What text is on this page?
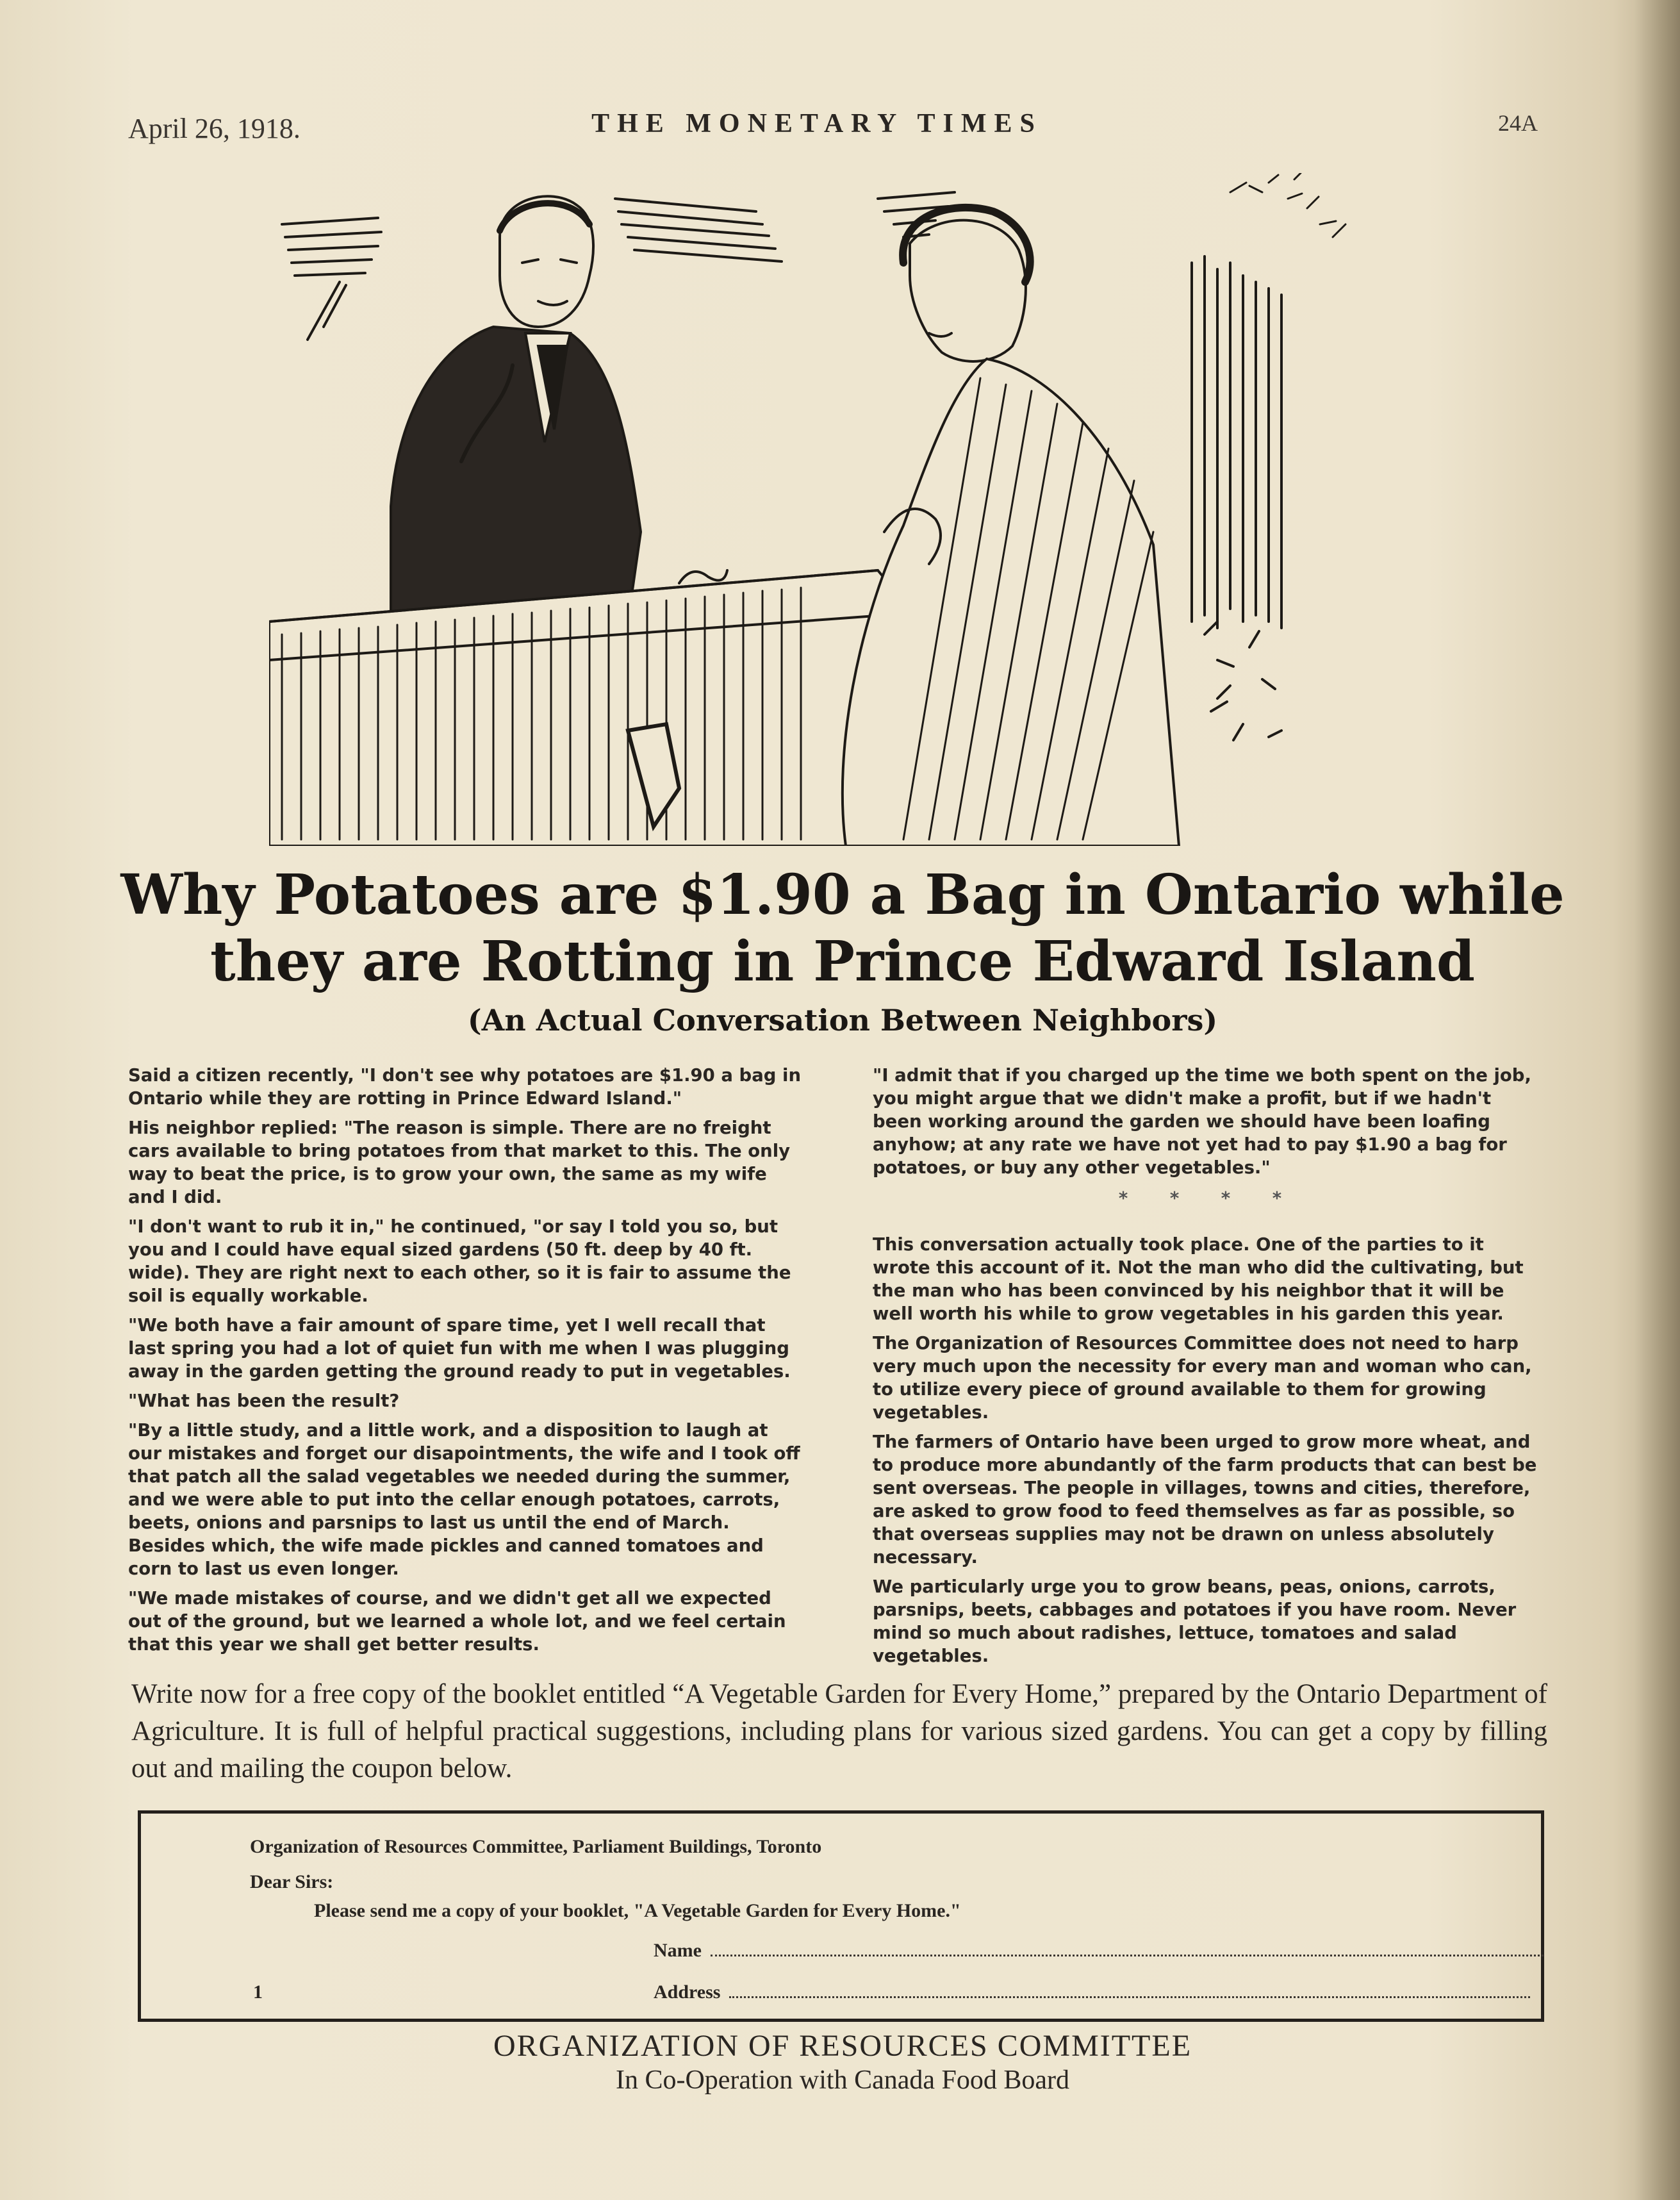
April 26, 1918.	THE MONETARY TIMES	24A
Why Potatoes are $1.90 a Bag in Ontario while
they are Rotting in Prince Edward Island
(An Actual Conversation Between Neighbors)

Said a citizen recently, "I don't see why potatoes are $1.90 a bag in Ontario while they are rotting in Prince Edward Island."

His neighbor replied: "The reason is simple. There are no freight cars available to bring potatoes from that market to this. The only way to beat the price, is to grow your own, the same as my wife and I did.

"I don't want to rub it in," he continued, "or say I told you so, but you and I could have equal sized gardens (50 ft. deep by 40 ft. wide). They are right next to each other, so it is fair to assume the soil is equally workable.

"We both have a fair amount of spare time, yet I well recall that last spring you had a lot of quiet fun with me when I was plugging away in the garden getting the ground ready to put in vegetables.

"What has been the result?

"By a little study, and a little work, and a disposition to laugh at our mistakes and forget our disapointments, the wife and I took off that patch all the salad vegetables we needed during the summer, and we were able to put into the cellar enough potatoes, carrots, beets, onions and parsnips to last us until the end of March. Besides which, the wife made pickles and canned tomatoes and corn to last us even longer.

"We made mistakes of course, and we didn't get all we expected out of the ground, but we learned a whole lot, and we feel certain that this year we shall get better results.

"I admit that if you charged up the time we both spent on the job, you might argue that we didn't make a profit, but if we hadn't been working around the garden we should have been loafing anyhow; at any rate we have not yet had to pay $1.90 a bag for potatoes, or buy any other vegetables."

* * * *

This conversation actually took place. One of the parties to it wrote this account of it. Not the man who did the cultivating, but the man who has been convinced by his neighbor that it will be well worth his while to grow vegetables in his garden this year.

The Organization of Resources Committee does not need to harp very much upon the necessity for every man and woman who can, to utilize every piece of ground available to them for growing vegetables.

The farmers of Ontario have been urged to grow more wheat, and to produce more abundantly of the farm products that can best be sent overseas. The people in villages, towns and cities, therefore, are asked to grow food to feed themselves as far as possible, so that overseas supplies may not be drawn on unless absolutely necessary.

We particularly urge you to grow beans, peas, onions, carrots, parsnips, beets, cabbages and potatoes if you have room. Never mind so much about radishes, lettuce, tomatoes and salad vegetables.

Write now for a free copy of the booklet entitled “A Vegetable Garden for Every Home,” prepared by the Ontario Department of Agriculture. It is full of helpful practical suggestions, including plans for various sized gardens. You can get a copy by filling out and mailing the coupon below.
Organization of Resources Committee, Parliament Buildings, Toronto
Dear Sirs:
Please send me a copy of your booklet, "A Vegetable Garden for Every Home."
Name
1	Address
ORGANIZATION OF RESOURCES COMMITTEE
In Co-Operation with Canada Food Board
